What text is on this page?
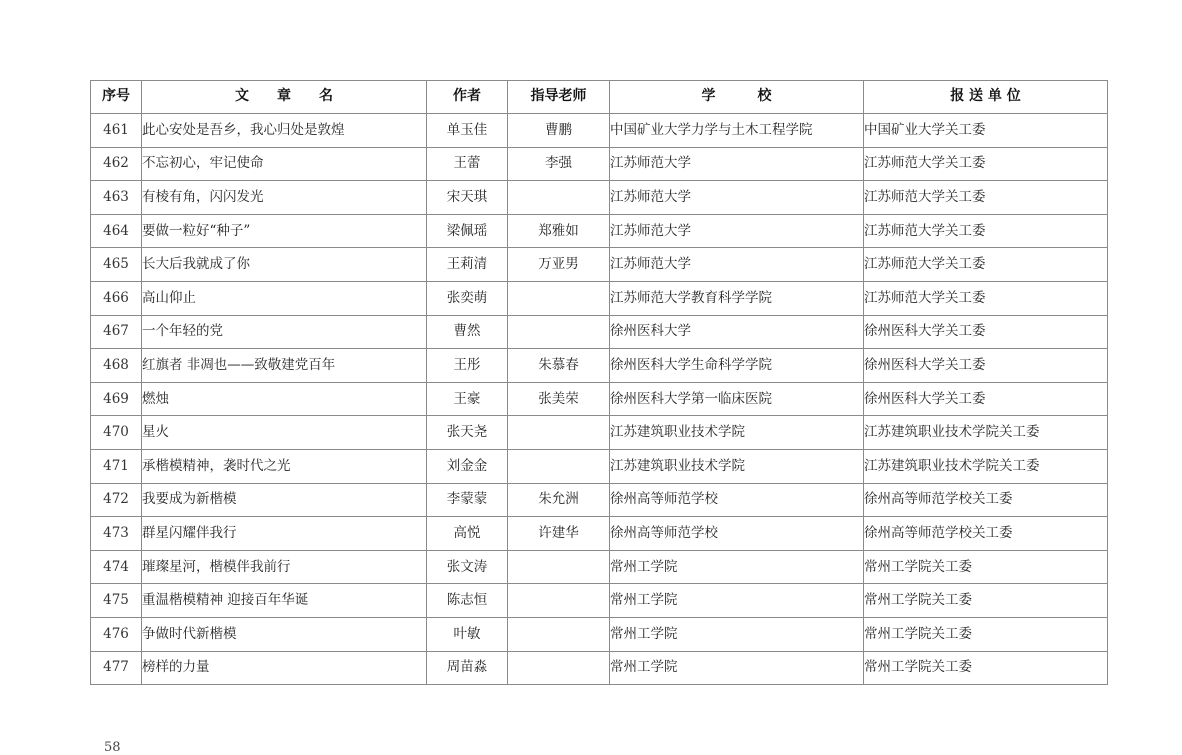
序号	文　　章　　名	作者	指导老师	学　　　校	报 送 单 位
461	此心安处是吾乡，我心归处是敦煌	单玉佳	曹鹏	中国矿业大学力学与土木工程学院	中国矿业大学关工委
462	不忘初心，牢记使命	王蕾	李强	江苏师范大学	江苏师范大学关工委
463	有棱有角，闪闪发光	宋天琪		江苏师范大学	江苏师范大学关工委
464	要做一粒好“种子”	梁佩瑶	郑雅如	江苏师范大学	江苏师范大学关工委
465	长大后我就成了你	王莉清	万亚男	江苏师范大学	江苏师范大学关工委
466	高山仰止	张奕萌		江苏师范大学教育科学学院	江苏师范大学关工委
467	一个年轻的党	曹然		徐州医科大学	徐州医科大学关工委
468	红旗者 非凋也——致敬建党百年	王彤	朱慕春	徐州医科大学生命科学学院	徐州医科大学关工委
469	燃烛	王豪	张美荣	徐州医科大学第一临床医院	徐州医科大学关工委
470	星火	张天尧		江苏建筑职业技术学院	江苏建筑职业技术学院关工委
471	承楷模精神，袭时代之光	刘金金		江苏建筑职业技术学院	江苏建筑职业技术学院关工委
472	我要成为新楷模	李蒙蒙	朱允洲	徐州高等师范学校	徐州高等师范学校关工委
473	群星闪耀伴我行	高悦	许建华	徐州高等师范学校	徐州高等师范学校关工委
474	璀璨星河，楷模伴我前行	张文涛		常州工学院	常州工学院关工委
475	重温楷模精神 迎接百年华诞	陈志恒		常州工学院	常州工学院关工委
476	争做时代新楷模	叶敏		常州工学院	常州工学院关工委
477	榜样的力量	周苗淼		常州工学院	常州工学院关工委
58
